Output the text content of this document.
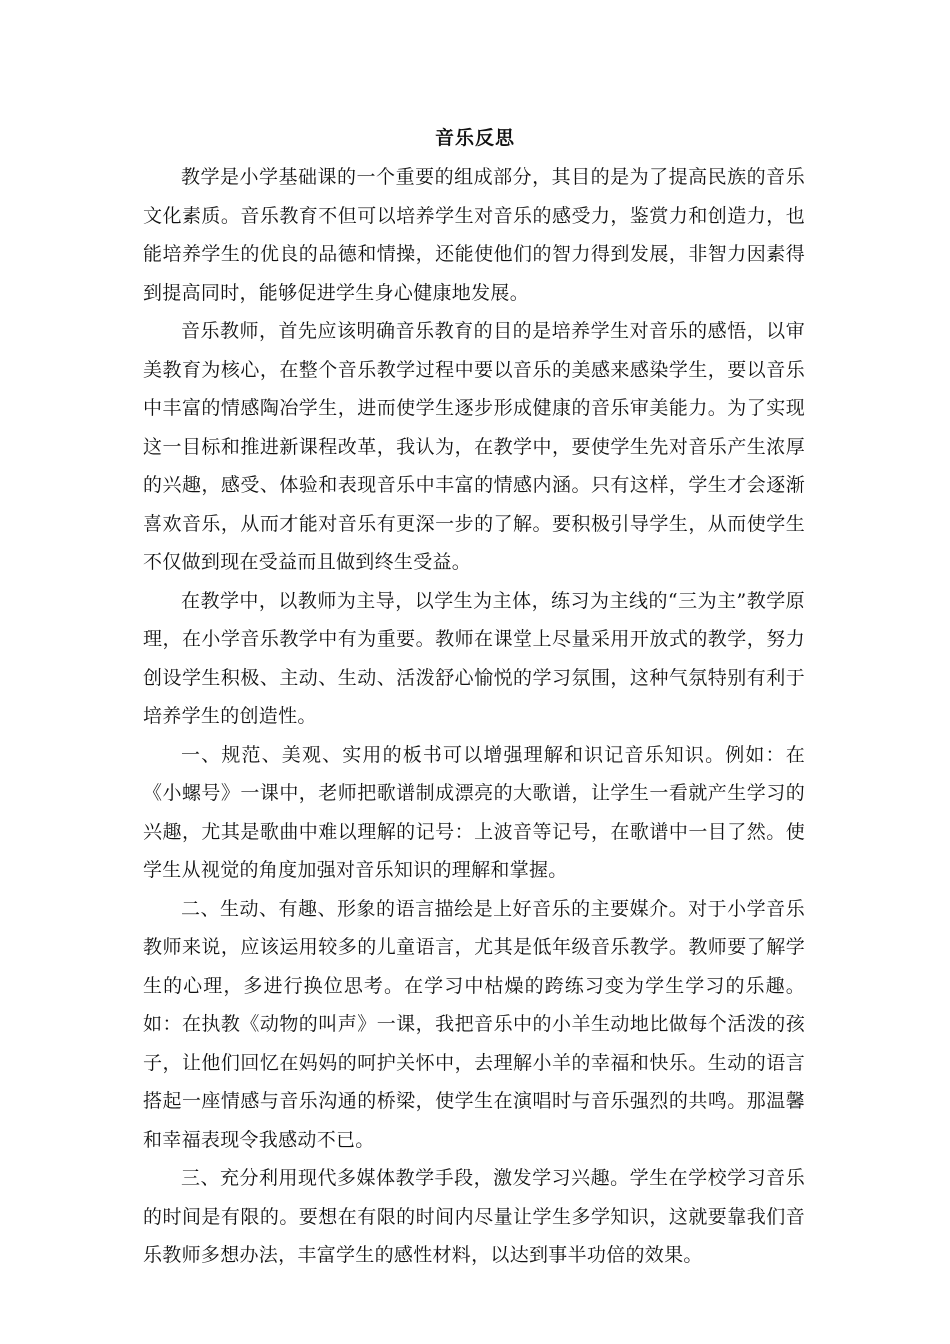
音乐反思

教学是小学基础课的一个重要的组成部分，其目的是为了提高民族的音乐文化素质。音乐教育不但可以培养学生对音乐的感受力，鉴赏力和创造力，也能培养学生的优良的品德和情操，还能使他们的智力得到发展，非智力因素得到提高同时，能够促进学生身心健康地发展。

音乐教师，首先应该明确音乐教育的目的是培养学生对音乐的感悟，以审美教育为核心，在整个音乐教学过程中要以音乐的美感来感染学生，要以音乐中丰富的情感陶冶学生，进而使学生逐步形成健康的音乐审美能力。为了实现这一目标和推进新课程改革，我认为，在教学中，要使学生先对音乐产生浓厚的兴趣，感受、体验和表现音乐中丰富的情感内涵。只有这样，学生才会逐渐喜欢音乐，从而才能对音乐有更深一步的了解。要积极引导学生，从而使学生不仅做到现在受益而且做到终生受益。

在教学中，以教师为主导，以学生为主体，练习为主线的“三为主”教学原理，在小学音乐教学中有为重要。教师在课堂上尽量采用开放式的教学，努力创设学生积极、主动、生动、活泼舒心愉悦的学习氛围，这种气氛特别有利于培养学生的创造性。

一、规范、美观、实用的板书可以增强理解和识记音乐知识。例如：在《小螺号》一课中，老师把歌谱制成漂亮的大歌谱，让学生一看就产生学习的兴趣，尤其是歌曲中难以理解的记号：上波音等记号，在歌谱中一目了然。使学生从视觉的角度加强对音乐知识的理解和掌握。

二、生动、有趣、形象的语言描绘是上好音乐的主要媒介。对于小学音乐教师来说，应该运用较多的儿童语言，尤其是低年级音乐教学。教师要了解学生的心理，多进行换位思考。在学习中枯燥的跨练习变为学生学习的乐趣。如：在执教《动物的叫声》一课，我把音乐中的小羊生动地比做每个活泼的孩子，让他们回忆在妈妈的呵护关怀中，去理解小羊的幸福和快乐。生动的语言搭起一座情感与音乐沟通的桥梁，使学生在演唱时与音乐强烈的共鸣。那温馨和幸福表现令我感动不已。

三、充分利用现代多媒体教学手段，激发学习兴趣。学生在学校学习音乐的时间是有限的。要想在有限的时间内尽量让学生多学知识，这就要靠我们音乐教师多想办法，丰富学生的感性材料，以达到事半功倍的效果。
